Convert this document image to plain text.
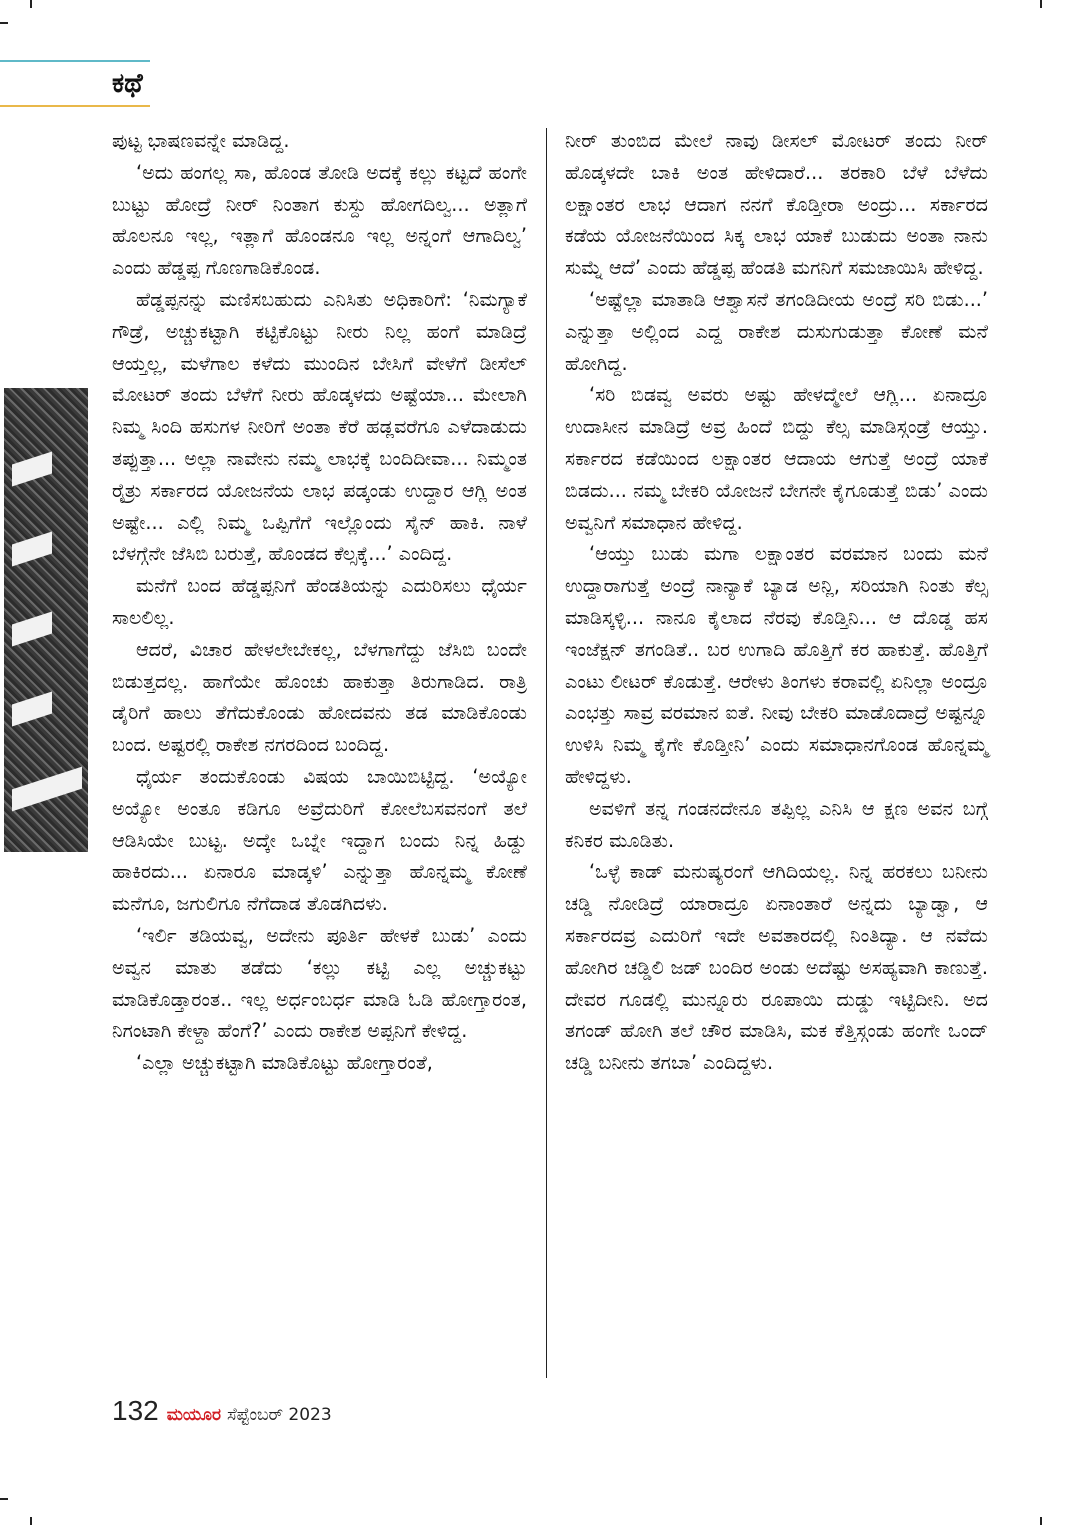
ಕಥೆ

ಪುಟ್ಟ ಭಾಷಣವನ್ನೇ ಮಾಡಿದ್ದ.

‘ಅದು ಹಂಗಲ್ಲ ಸಾ, ಹೊಂಡ ತೋಡಿ ಅದಕ್ಕೆ ಕಲ್ಲು ಕಟ್ಟದೆ ಹಂಗೇ ಬುಟ್ಟು ಹೋದ್ರೆ ನೀರ್ ನಿಂತಾಗ ಕುಸ್ದು ಹೋಗದಿಲ್ವ... ಅತ್ಲಾಗೆ ಹೊಲನೂ ಇಲ್ಲ, ಇತ್ಲಾಗೆ ಹೊಂಡನೂ ಇಲ್ಲ ಅನ್ನಂಗೆ ಆಗಾದಿಲ್ವ’ ಎಂದು ಹೆಡ್ಡಪ್ಪ ಗೊಣಗಾಡಿಕೊಂಡ.

ಹೆಡ್ಡಪ್ಪನನ್ನು ಮಣಿಸಬಹುದು ಎನಿಸಿತು ಅಧಿಕಾರಿಗೆ: ‘ನಿಮಗ್ಯಾಕೆ ಗೌಡ್ರೆ, ಅಚ್ಚುಕಟ್ಟಾಗಿ ಕಟ್ಟಿಕೊಟ್ಟು ನೀರು ನಿಲ್ಲ ಹಂಗೆ ಮಾಡಿದ್ರೆ ಆಯ್ತಲ್ಲ, ಮಳೆಗಾಲ ಕಳೆದು ಮುಂದಿನ ಬೇಸಿಗೆ ವೇಳೆಗೆ ಡೀಸೆಲ್ ಮೋಟರ್ ತಂದು ಬೆಳೆಗೆ ನೀರು ಹೊಡ್ಕಳದು ಅಷ್ಟೆಯಾ... ಮೇಲಾಗಿ ನಿಮ್ಮ ಸಿಂದಿ ಹಸುಗಳ ನೀರಿಗೆ ಅಂತಾ ಕೆರೆ ಹಡ್ಲವರೆಗೂ ಎಳೆದಾಡುದು ತಪ್ಪುತ್ತಾ... ಅಲ್ಲಾ ನಾವೇನು ನಮ್ಮ ಲಾಭಕ್ಕೆ ಬಂದಿದೀವಾ... ನಿಮ್ಮಂತ ರೈತ್ರು ಸರ್ಕಾರದ ಯೋಜನೆಯ ಲಾಭ ಪಡ್ಕಂಡು ಉದ್ದಾರ ಆಗ್ಲಿ ಅಂತ ಅಷ್ಟೇ... ಎಲ್ಲಿ ನಿಮ್ಮ ಒಪ್ಪಿಗೆಗೆ ಇಲ್ಲೊಂದು ಸೈನ್ ಹಾಕಿ. ನಾಳೆ ಬೆಳಗ್ಗೆನೇ ಜೆಸಿಬಿ ಬರುತ್ತೆ, ಹೊಂಡದ ಕೆಲ್ಸಕ್ಕೆ...’ ಎಂದಿದ್ದ.

ಮನೆಗೆ ಬಂದ ಹೆಡ್ಡಪ್ಪನಿಗೆ ಹೆಂಡತಿಯನ್ನು ಎದುರಿಸಲು ಧೈರ್ಯ ಸಾಲಲಿಲ್ಲ.

ಆದರೆ, ವಿಚಾರ ಹೇಳಲೇಬೇಕಲ್ಲ, ಬೆಳಗಾಗೆದ್ದು ಜೆಸಿಬಿ ಬಂದೇ ಬಿಡುತ್ತದಲ್ಲ. ಹಾಗೆಯೇ ಹೊಂಚು ಹಾಕುತ್ತಾ ತಿರುಗಾಡಿದ. ರಾತ್ರಿ ಡೈರಿಗೆ ಹಾಲು ತೆಗೆದುಕೊಂಡು ಹೋದವನು ತಡ ಮಾಡಿಕೊಂಡು ಬಂದ. ಅಷ್ಟರಲ್ಲಿ ರಾಕೇಶ ನಗರದಿಂದ ಬಂದಿದ್ದ.

ಧೈರ್ಯ ತಂದುಕೊಂಡು ವಿಷಯ ಬಾಯಿಬಿಟ್ಟಿದ್ದ. ‘ಅಯ್ಯೋ ಅಯ್ಯೋ ಅಂತೂ ಕಡಿಗೂ ಅವ್ರೆದುರಿಗೆ ಕೋಲೆಬಸವನಂಗೆ ತಲೆ ಆಡಿಸಿಯೇ ಬುಟ್ಟ. ಅದ್ಕೇ ಒಬ್ನೇ ಇದ್ದಾಗ ಬಂದು ನಿನ್ನ ಹಿಡ್ದು ಹಾಕಿರದು... ಏನಾರೂ ಮಾಡ್ಕಳಿ’ ಎನ್ನುತ್ತಾ ಹೊನ್ನಮ್ಮ ಕೋಣೆ ಮನೆಗೂ, ಜಗುಲಿಗೂ ನೆಗೆದಾಡ ತೊಡಗಿದಳು.

‘ಇರ್ಲಿ ತಡಿಯವ್ವ, ಅದೇನು ಪೂರ್ತಿ ಹೇಳಕೆ ಬುಡು’ ಎಂದು ಅವ್ವನ ಮಾತು ತಡೆದು ‘ಕಲ್ಲು ಕಟ್ಟಿ ಎಲ್ಲ ಅಚ್ಚುಕಟ್ಟು ಮಾಡಿಕೊಡ್ತಾರಂತ.. ಇಲ್ಲ ಅರ್ಧಂಬರ್ಧ ಮಾಡಿ ಓಡಿ ಹೋಗ್ತಾರಂತ, ನಿಗಂಟಾಗಿ ಕೇಳ್ದಾ ಹೆಂಗೆ?’ ಎಂದು ರಾಕೇಶ ಅಪ್ಪನಿಗೆ ಕೇಳಿದ್ದ.

‘ಎಲ್ಲಾ ಅಚ್ಚುಕಟ್ಟಾಗಿ ಮಾಡಿಕೊಟ್ಟು ಹೋಗ್ತಾರಂತೆ,

ನೀರ್ ತುಂಬಿದ ಮೇಲೆ ನಾವು ಡೀಸಲ್ ಮೋಟರ್ ತಂದು ನೀರ್ ಹೊಡ್ಕಳದೇ ಬಾಕಿ ಅಂತ ಹೇಳಿದಾರೆ... ತರಕಾರಿ ಬೆಳೆ ಬೆಳೆದು ಲಕ್ಷಾಂತರ ಲಾಭ ಆದಾಗ ನನಗೆ ಕೊಡ್ತೀರಾ ಅಂದ್ರು... ಸರ್ಕಾರದ ಕಡೆಯ ಯೋಜನೆಯಿಂದ ಸಿಕ್ಕ ಲಾಭ ಯಾಕೆ ಬುಡುದು ಅಂತಾ ನಾನು ಸುಮ್ನೆ ಆದೆ’ ಎಂದು ಹೆಡ್ಡಪ್ಪ ಹೆಂಡತಿ ಮಗನಿಗೆ ಸಮಜಾಯಿಸಿ ಹೇಳಿದ್ದ.

‘ಅಷ್ಟೆಲ್ಲಾ ಮಾತಾಡಿ ಆಶ್ವಾಸನೆ ತಗಂಡಿದೀಯ ಅಂದ್ರೆ ಸರಿ ಬಿಡು...’ ಎನ್ನುತ್ತಾ ಅಲ್ಲಿಂದ ಎದ್ದ ರಾಕೇಶ ದುಸುಗುಡುತ್ತಾ ಕೋಣೆ ಮನೆ ಹೋಗಿದ್ದ.

‘ಸರಿ ಬಿಡವ್ವ ಅವರು ಅಷ್ಟು ಹೇಳದ್ಮೇಲೆ ಆಗ್ಲಿ... ಏನಾದ್ರೂ ಉದಾಸೀನ ಮಾಡಿದ್ರೆ ಅವ್ರ ಹಿಂದೆ ಬಿದ್ದು ಕೆಲ್ಸ ಮಾಡಿಸ್ಗಂಡ್ರೆ ಆಯ್ತು. ಸರ್ಕಾರದ ಕಡೆಯಿಂದ ಲಕ್ಷಾಂತರ ಆದಾಯ ಆಗುತ್ತೆ ಅಂದ್ರೆ ಯಾಕೆ ಬಿಡದು... ನಮ್ಮ ಬೇಕರಿ ಯೋಜನೆ ಬೇಗನೇ ಕೈಗೂಡುತ್ತೆ ಬಿಡು’ ಎಂದು ಅವ್ವನಿಗೆ ಸಮಾಧಾನ ಹೇಳಿದ್ದ.

‘ಆಯ್ತು ಬುಡು ಮಗಾ ಲಕ್ಷಾಂತರ ವರಮಾನ ಬಂದು ಮನೆ ಉದ್ದಾರಾಗುತ್ತೆ ಅಂದ್ರೆ ನಾನ್ಯಾಕೆ ಬ್ಯಾಡ ಅನ್ಲಿ, ಸರಿಯಾಗಿ ನಿಂತು ಕೆಲ್ಸ ಮಾಡಿಸ್ಕಳ್ಳಿ... ನಾನೂ ಕೈಲಾದ ನೆರವು ಕೊಡ್ತಿನಿ... ಆ ದೊಡ್ಡ ಹಸ ಇಂಜೆಕ್ಷನ್ ತಗಂಡಿತೆ.. ಬರ ಉಗಾದಿ ಹೊತ್ತಿಗೆ ಕರ ಹಾಕುತ್ತೆ. ಹೊತ್ತಿಗೆ ಎಂಟು ಲೀಟರ್ ಕೊಡುತ್ತೆ. ಆರೇಳು ತಿಂಗಳು ಕರಾವಲ್ಲಿ ಏನಿಲ್ಲಾ ಅಂದ್ರೂ ಎಂಭತ್ತು ಸಾವ್ರ ವರಮಾನ ಐತೆ. ನೀವು ಬೇಕರಿ ಮಾಡೊದಾದ್ರೆ ಅಷ್ಟನ್ನೂ ಉಳಿಸಿ ನಿಮ್ಮ ಕೈಗೇ ಕೊಡ್ತೀನಿ’ ಎಂದು ಸಮಾಧಾನಗೊಂಡ ಹೊನ್ನಮ್ಮ ಹೇಳಿದ್ದಳು.

ಅವಳಿಗೆ ತನ್ನ ಗಂಡನದೇನೂ ತಪ್ಪಿಲ್ಲ ಎನಿಸಿ ಆ ಕ್ಷಣ ಅವನ ಬಗ್ಗೆ ಕನಿಕರ ಮೂಡಿತು.

‘ಒಳ್ಳೆ ಕಾಡ್ ಮನುಷ್ಯರಂಗೆ ಆಗಿದಿಯಲ್ಲ. ನಿನ್ನ ಹರಕಲು ಬನೀನು ಚಡ್ಡಿ ನೋಡಿದ್ರೆ ಯಾರಾದ್ರೂ ಏನಾಂತಾರೆ ಅನ್ನದು ಬ್ಯಾಡ್ವಾ, ಆ ಸರ್ಕಾರದವ್ರ ಎದುರಿಗೆ ಇದೇ ಅವತಾರದಲ್ಲಿ ನಿಂತಿದ್ಯಾ. ಆ ನವೆದು ಹೋಗಿರ ಚಡ್ಡಿಲಿ ಜಡ್ ಬಂದಿರ ಅಂಡು ಅದೆಷ್ಟು ಅಸಹ್ಯವಾಗಿ ಕಾಣುತ್ತೆ. ದೇವರ ಗೂಡಲ್ಲಿ ಮುನ್ನೂರು ರೂಪಾಯಿ ದುಡ್ಡು ಇಟ್ಟಿದೀನಿ. ಅದ ತಗಂಡ್ ಹೋಗಿ ತಲೆ ಚೌರ ಮಾಡಿಸಿ, ಮಕ ಕೆತ್ತಿಸ್ಗಂಡು ಹಂಗೇ ಒಂದ್ ಚಡ್ಡಿ ಬನೀನು ತಗಬಾ’ ಎಂದಿದ್ದಳು.

132 ಮಯೂರ ಸೆಪ್ಟೆಂಬರ್ 2023
